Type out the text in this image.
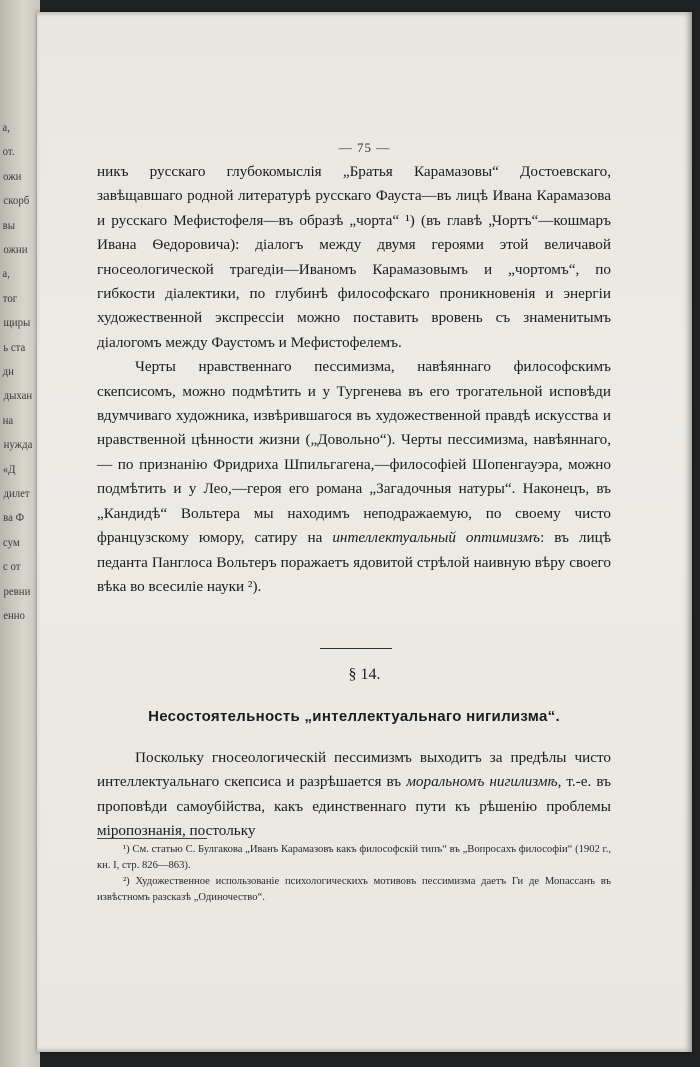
а,
от.
ожи
скорб
вы
ожни
а,
тог
щиры
ь ста
дн
дыхан
на
нужда
«Д
дилет
ва Ф
сум
с от
ревни
енно
— 75 —

никъ русскаго глубокомыслія „Братья Карамазовы“ Достоевскаго, завѣщавшаго родной литературѣ русскаго Фауста—въ лицѣ Ивана Карамазова и русскаго Мефистофеля—въ образѣ „чорта“ ¹) (въ главѣ „Чортъ“—кошмаръ Ивана Ѳедоровича): діалогъ между двумя героями этой величавой гносеологической трагедіи—Иваномъ Карамазовымъ и „чортомъ“, по гибкости діалектики, по глубинѣ философскаго проникновенія и энергіи художественной экспрессіи можно поставить вровень съ знаменитымъ діалогомъ между Фаустомъ и Мефистофелемъ.

Черты нравственнаго пессимизма, навѣяннаго философскимъ скепсисомъ, можно подмѣтить и у Тургенева въ его трогательной исповѣди вдумчиваго художника, извѣрившагося въ художественной правдѣ искусства и нравственной цѣнности жизни („Довольно“). Черты пессимизма, навѣяннаго, — по признанію Фридриха Шпильгагена,—философіей Шопенгауэра, можно подмѣтить и у Лео,—героя его романа „Загадочныя натуры“. Наконецъ, въ „Кандидѣ“ Вольтера мы находимъ неподражаемую, по своему чисто французскому юмору, сатиру на интеллектуальный оптимизмъ: въ лицѣ педанта Панглоса Вольтеръ поражаетъ ядовитой стрѣлой наивную вѣру своего вѣка во всесиліе науки ²).

§ 14.
Несостоятельность „интеллектуальнаго нигилизма“.

Поскольку гносеологическій пессимизмъ выходитъ за предѣлы чисто интеллектуальнаго скепсиса и разрѣшается въ моральномъ нигилизмѣ, т.-е. въ проповѣди самоубійства, какъ единственнаго пути къ рѣшенію проблемы міропознанія, постольку

¹) См. статью С. Булгакова „Иванъ Карамазовъ какъ философскій типъ“ въ „Вопросахъ философіи“ (1902 г., кн. I, стр. 826—863).

²) Художественное использованіе психологическихъ мотивовъ пессимизма даетъ Ги де Мопассанъ въ извѣстномъ разсказѣ „Одиночество“.
